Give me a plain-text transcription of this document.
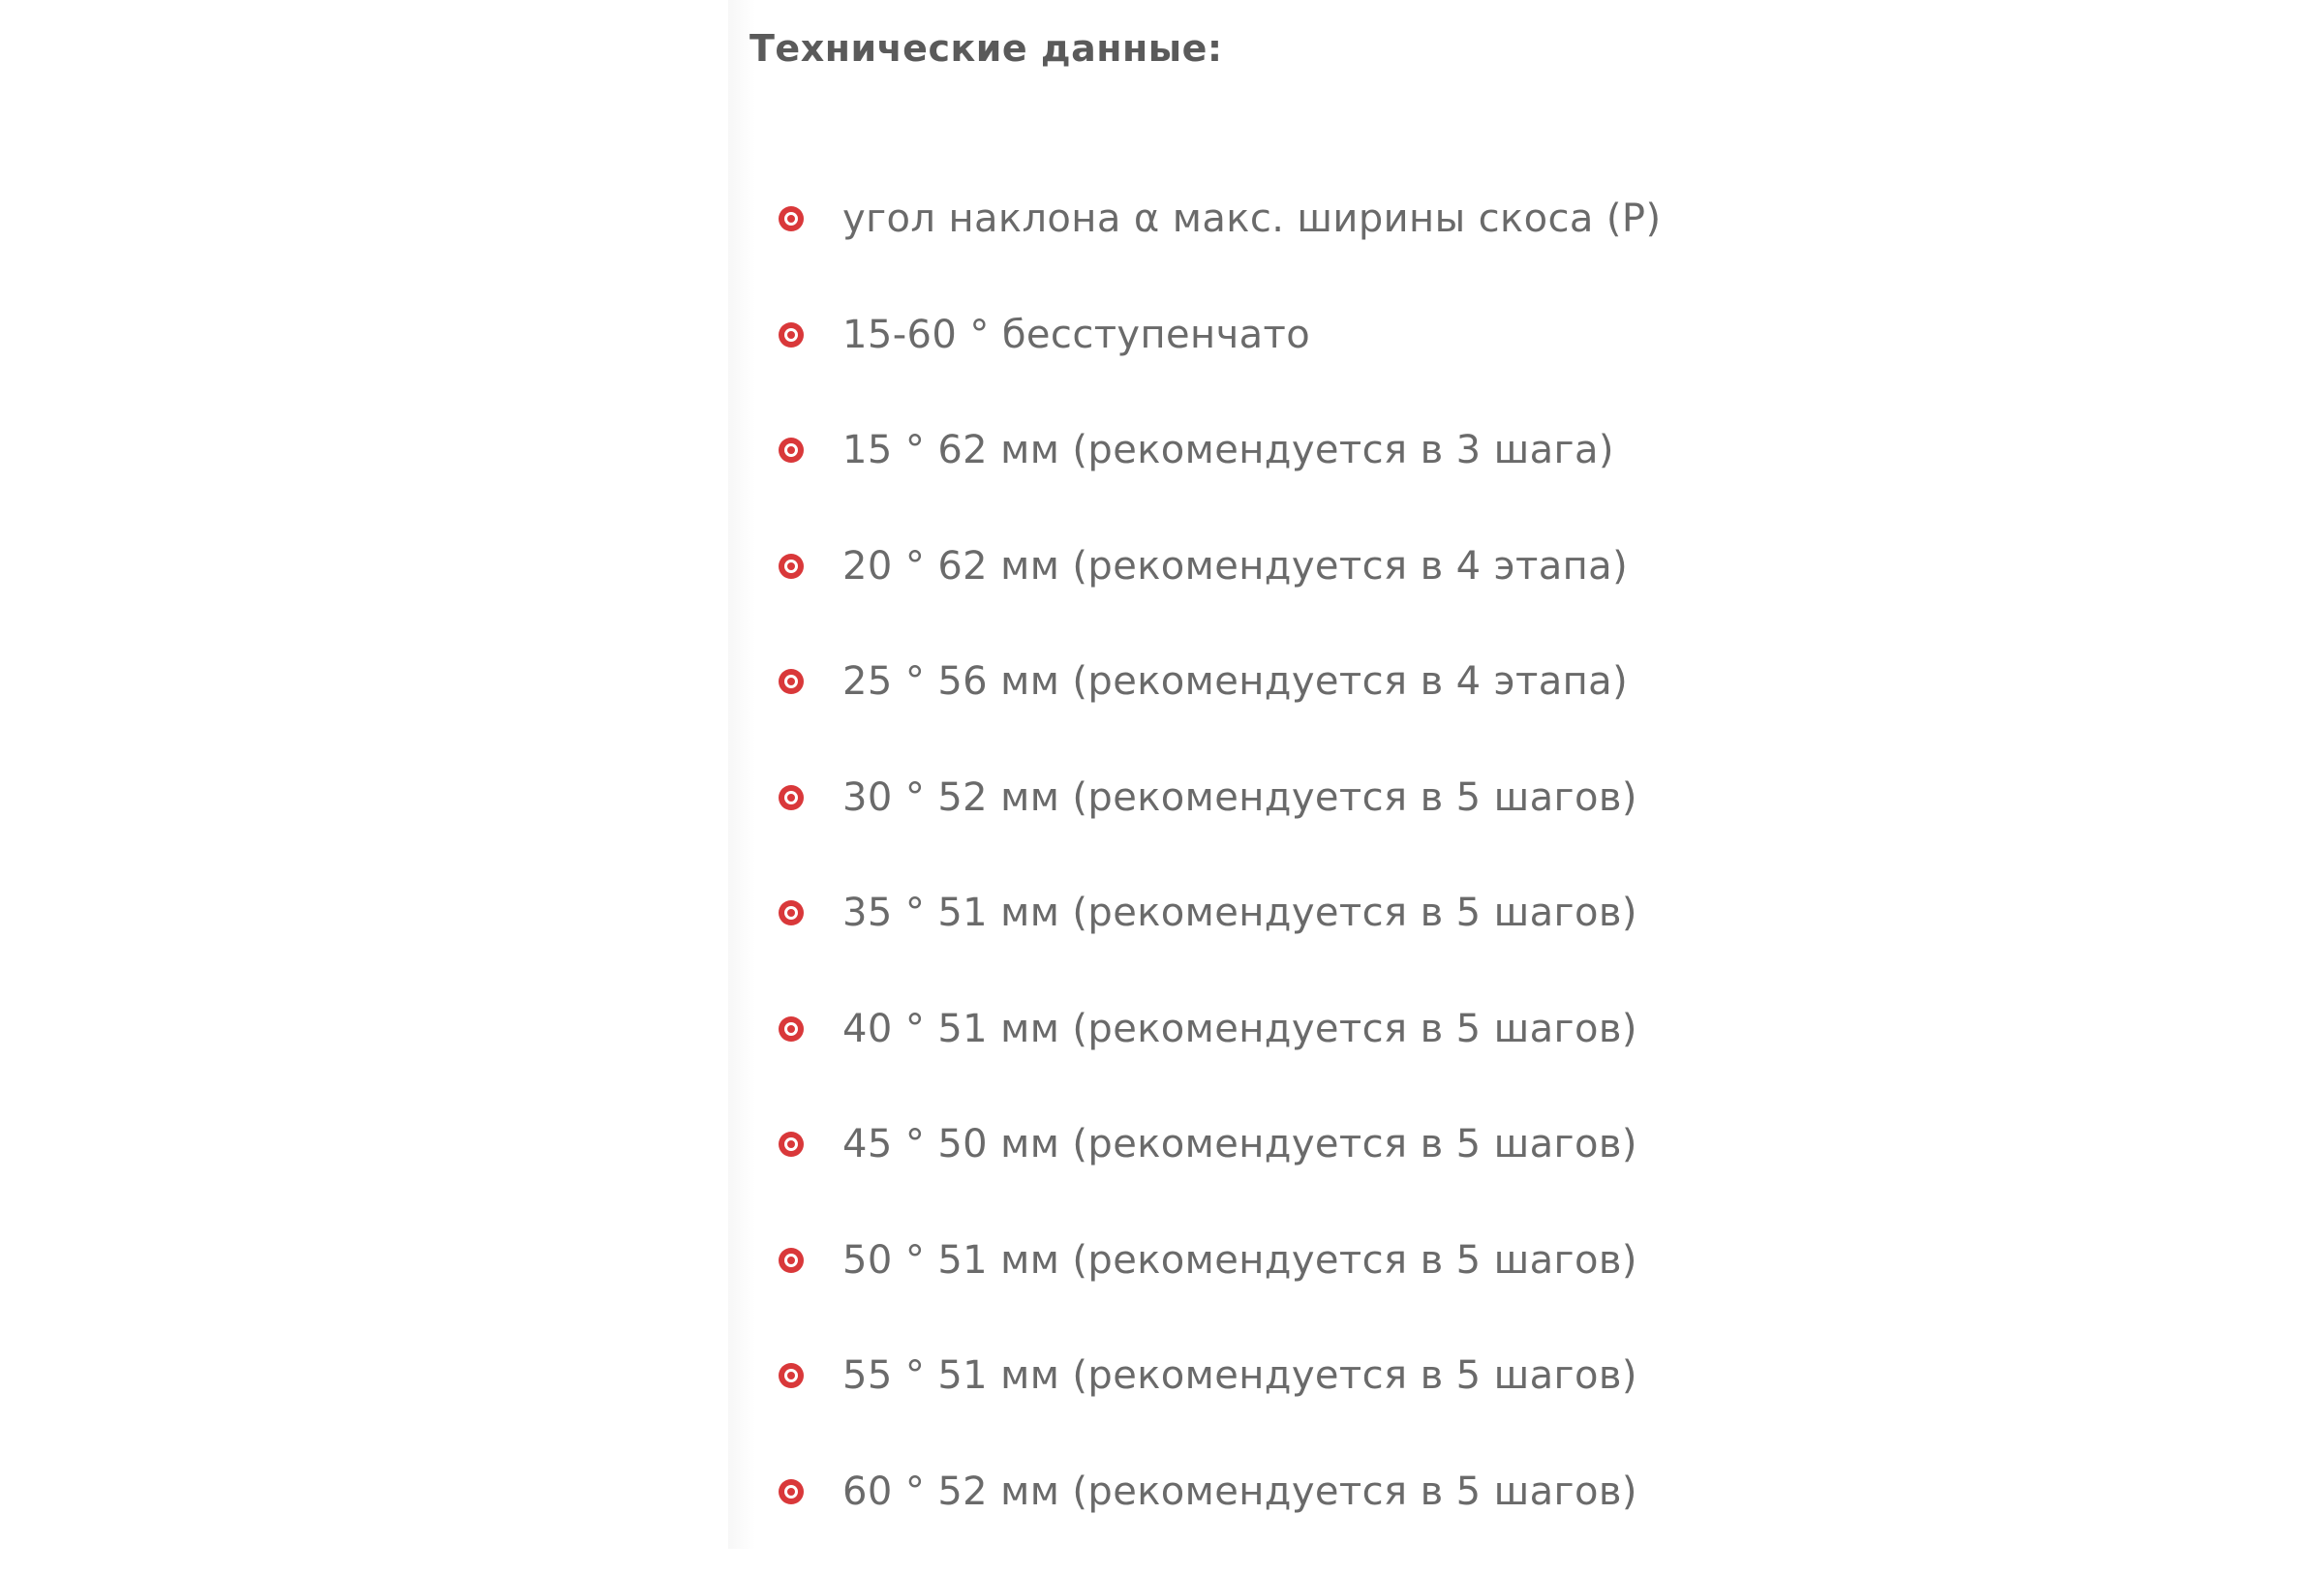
Технические данные:
угол наклона α макс. ширины скоса (P)
15-60 ° бесступенчато
15 ° 62 мм (рекомендуется в 3 шага)
20 ° 62 мм (рекомендуется в 4 этапа)
25 ° 56 мм (рекомендуется в 4 этапа)
30 ° 52 мм (рекомендуется в 5 шагов)
35 ° 51 мм (рекомендуется в 5 шагов)
40 ° 51 мм (рекомендуется в 5 шагов)
45 ° 50 мм (рекомендуется в 5 шагов)
50 ° 51 мм (рекомендуется в 5 шагов)
55 ° 51 мм (рекомендуется в 5 шагов)
60 ° 52 мм (рекомендуется в 5 шагов)
